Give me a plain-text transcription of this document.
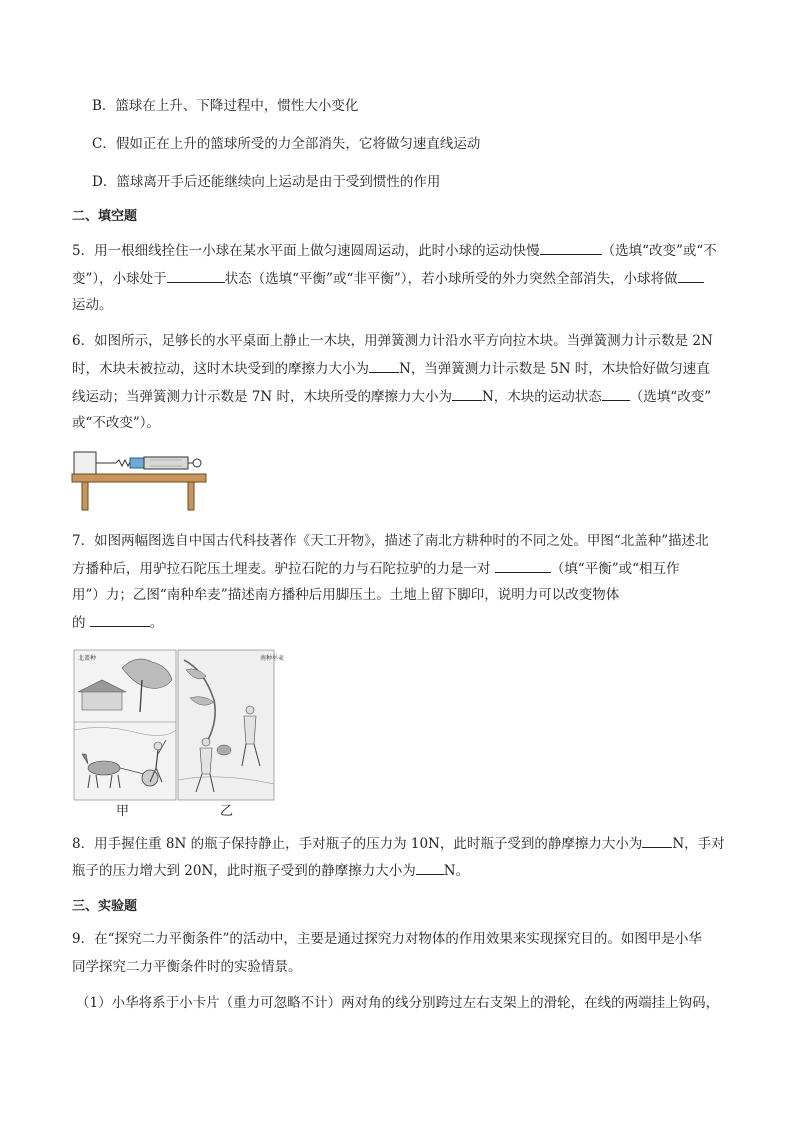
B．篮球在上升、下降过程中，惯性大小变化
C．假如正在上升的篮球所受的力全部消失，它将做匀速直线运动
D．篮球离开手后还能继续向上运动是由于受到惯性的作用
二、填空题
5．用一根细线拴住一小球在某水平面上做匀速圆周运动，此时小球的运动快慢	（选填“改变”或“不
变”），小球处于	状态（选填“平衡”或“非平衡”），若小球所受的外力突然全部消失，小球将做
运动。
6．如图所示，足够长的水平桌面上静止一木块，用弹簧测力计沿水平方向拉木块。当弹簧测力计示数是 2N
时，木块未被拉动，这时木块受到的摩擦力大小为 N，当弹簧测力计示数是 5N 时，木块恰好做匀速直
线运动；当弹簧测力计示数是 7N 时，木块所受的摩擦力大小为 N，木块的运动状态 （选填“改变”
或“不改变”）。
7．如图两幅图选自中国古代科技著作《天工开物》，描述了南北方耕种时的不同之处。甲图“北盖种”描述北
方播种后，用驴拉石陀压土埋麦。驴拉石陀的力与石陀拉驴的力是一对	（填“平衡”或“相互作
用”）力；乙图“南种牟麦”描述南方播种后用脚压土。土地上留下脚印，说明力可以改变物体
的	。
北盖种	南种牟麦
甲	乙
8．用手握住重 8N 的瓶子保持静止，手对瓶子的压力为 10N，此时瓶子受到的静摩擦力大小为 N，手对
瓶子的压力增大到 20N，此时瓶子受到的静摩擦力大小为 N。
三、实验题
9．在“探究二力平衡条件”的活动中，主要是通过探究力对物体的作用效果来实现探究目的。如图甲是小华
同学探究二力平衡条件时的实验情景。
（1）小华将系于小卡片（重力可忽略不计）两对角的线分别跨过左右支架上的滑轮，在线的两端挂上钩码，
